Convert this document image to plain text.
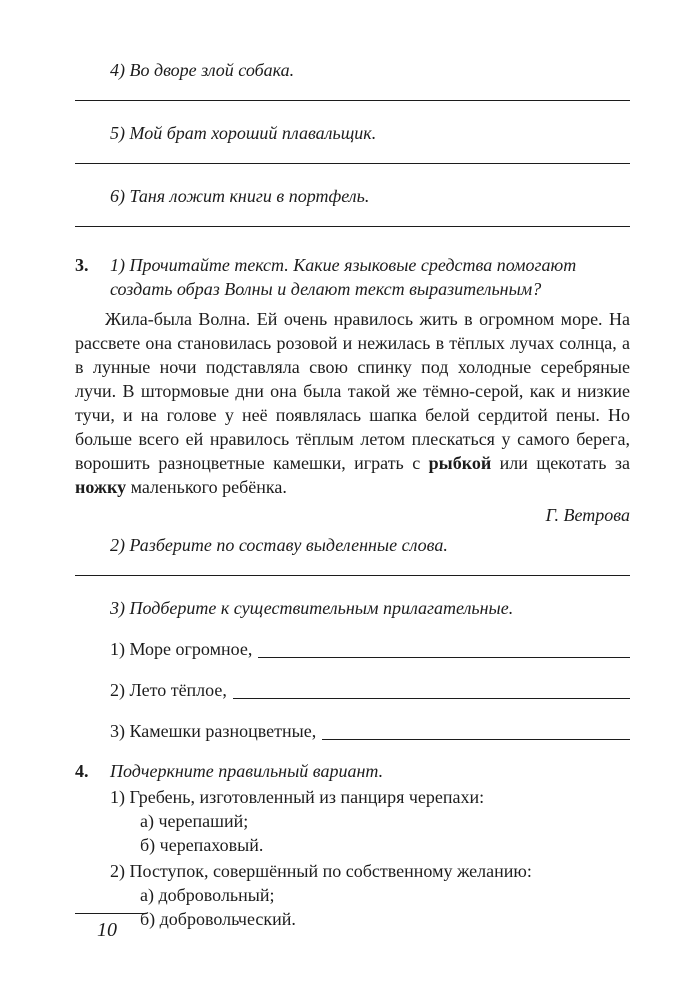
4) Во дворе злой собака.
5) Мой брат хороший плавальщик.
6) Таня ложит книги в портфель.
3.	1) Прочитайте текст. Какие языковые средства помогают создать образ Волны и делают текст выразительным?

Жила-была Волна. Ей очень нравилось жить в огромном море. На рассвете она становилась розовой и нежилась в тёплых лучах солнца, а в лунные ночи подставляла свою спинку под холодные серебряные лучи. В штормовые дни она была такой же тёмно-серой, как и низкие тучи, и на голове у неё появлялась шапка белой сердитой пены. Но больше всего ей нравилось тёплым летом плескаться у самого берега, ворошить разноцветные камешки, играть с рыбкой или щекотать за ножку маленького ребёнка.

Г. Ветрова
2) Разберите по составу выделенные слова.
3) Подберите к существительным прилагательные.
1) Море огромное,
2) Лето тёплое,
3) Камешки разноцветные,
4.	Подчеркните правильный вариант.
1) Гребень, изготовленный из панциря черепахи:
а) черепаший;
б) черепаховый.
2) Поступок, совершённый по собственному желанию:
а) добровольный;
б) добровольческий.
10
